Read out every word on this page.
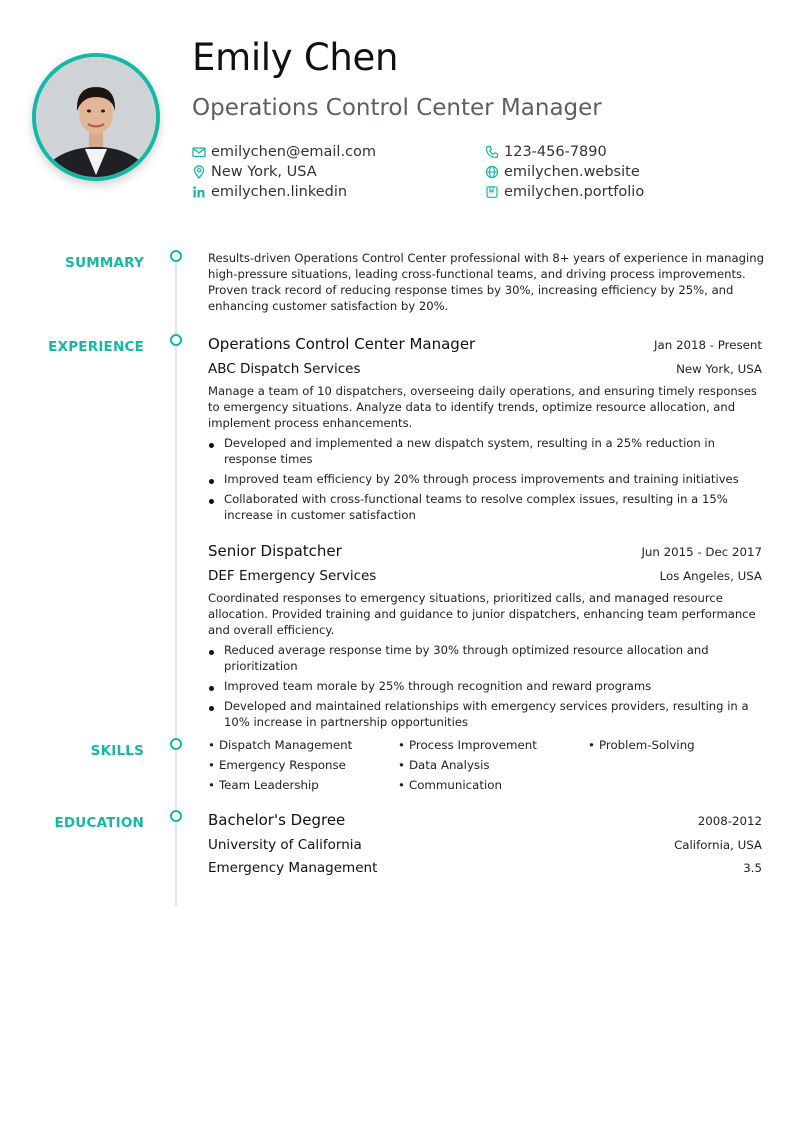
Emily Chen
Operations Control Center Manager
emilychen@email.com
New York, USA
emilychen.linkedin
123-456-7890
emilychen.website
emilychen.portfolio
SUMMARY	Results-driven Operations Control Center professional with 8+ years of experience in managing high-pressure situations, leading cross-functional teams, and driving process improvements. Proven track record of reducing response times by 30%, increasing efficiency by 25%, and enhancing customer satisfaction by 20%.
EXPERIENCE	Operations Control Center Manager	Jan 2018 - Present
ABC Dispatch Services	New York, USA
Manage a team of 10 dispatchers, overseeing daily operations, and ensuring timely responses to emergency situations. Analyze data to identify trends, optimize resource allocation, and implement process enhancements.
Developed and implemented a new dispatch system, resulting in a 25% reduction in response times
Improved team efficiency by 20% through process improvements and training initiatives
Collaborated with cross-functional teams to resolve complex issues, resulting in a 15% increase in customer satisfaction
Senior Dispatcher	Jun 2015 - Dec 2017
DEF Emergency Services	Los Angeles, USA
Coordinated responses to emergency situations, prioritized calls, and managed resource allocation. Provided training and guidance to junior dispatchers, enhancing team performance and overall efficiency.
Reduced average response time by 30% through optimized resource allocation and prioritization
Improved team morale by 25% through recognition and reward programs
Developed and maintained relationships with emergency services providers, resulting in a 10% increase in partnership opportunities
SKILLS	• Dispatch Management	• Process Improvement	• Problem-Solving
• Emergency Response	• Data Analysis
• Team Leadership	• Communication
EDUCATION	Bachelor's Degree	2008-2012
University of California	California, USA
Emergency Management	3.5
